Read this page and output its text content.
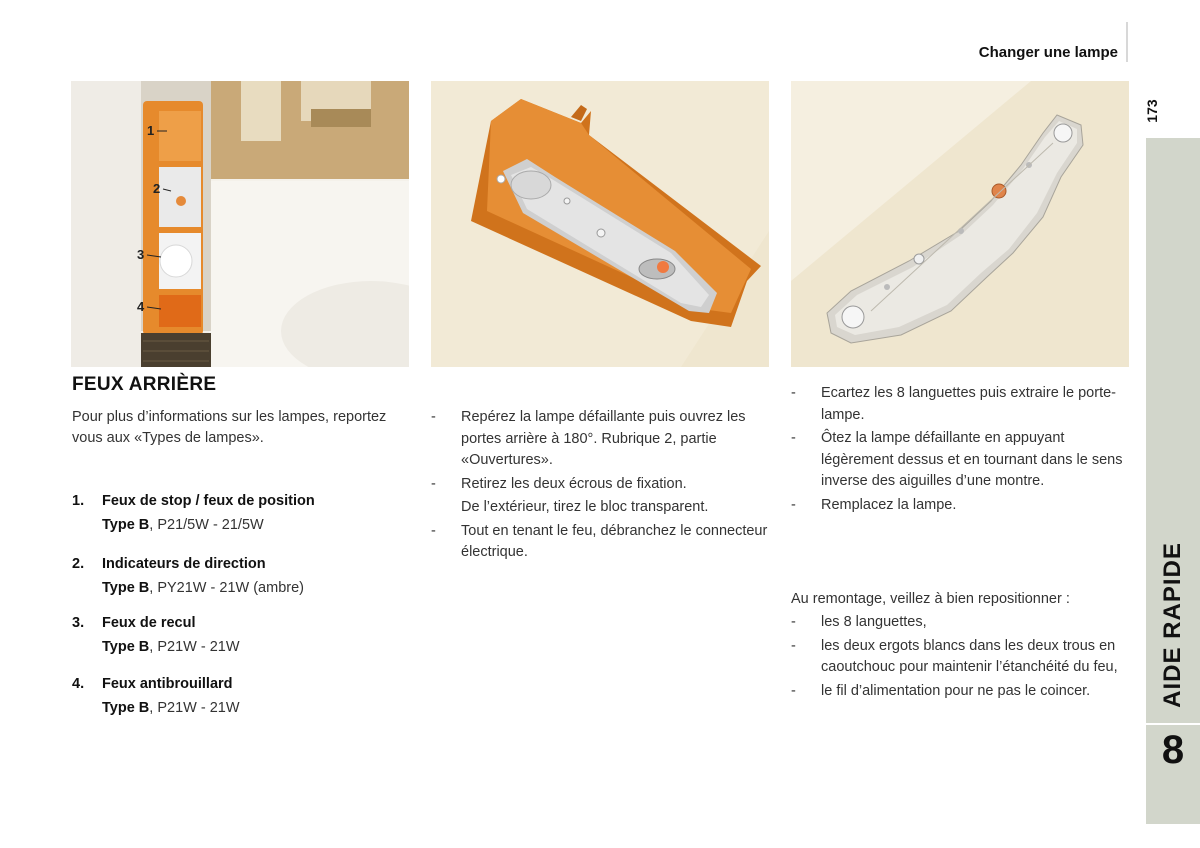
Changer une lampe
173
AIDE RAPIDE
8
1
2
3
4
FEUX ARRIÈRE
Pour plus d’informations sur les lampes, reportez vous aux «Types de lampes».
1. Feux de stop / feux de position
Type B, P21/5W - 21/5W
2. Indicateurs de direction
Type B, PY21W - 21W (ambre)
3. Feux de recul
Type B, P21W - 21W
4. Feux antibrouillard
Type B, P21W - 21W
- Repérez la lampe défaillante puis ouvrez les portes arrière à 180°. Rubrique 2, partie «Ouvertures».
- Retirez les deux écrous de fixation.
De l’extérieur, tirez le bloc transparent.
- Tout en tenant le feu, débranchez le connecteur électrique.
- Ecartez les 8 languettes puis extraire le porte-lampe.
- Ôtez la lampe défaillante en appuyant légèrement dessus et en tournant dans le sens inverse des aiguilles d’une montre.
- Remplacez la lampe.
Au remontage, veillez à bien repositionner :
- les 8 languettes,
- les deux ergots blancs dans les deux trous en caoutchouc pour maintenir l’étanchéité du feu,
- le fil d’alimentation pour ne pas le coincer.
